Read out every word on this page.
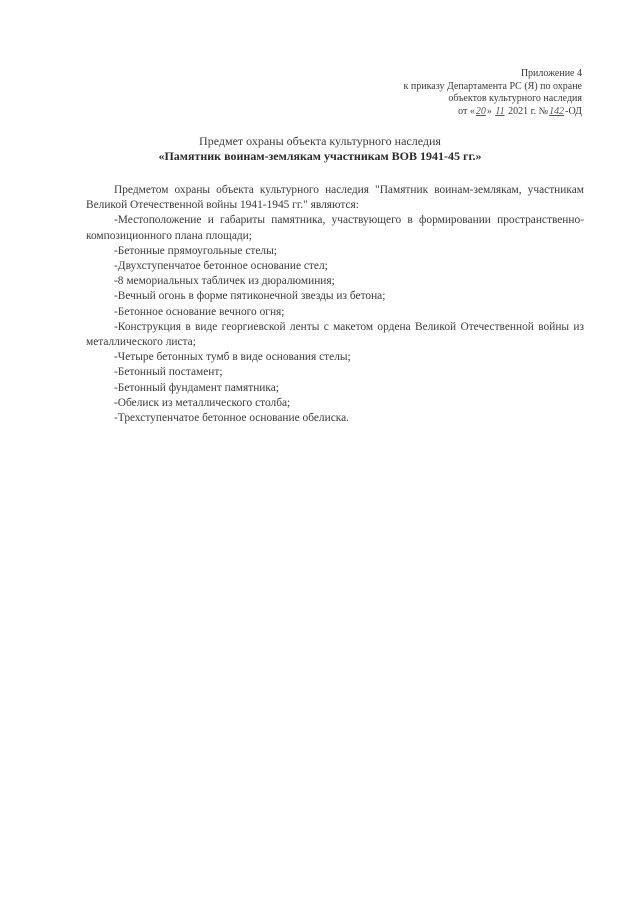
Приложение 4
к приказу Департамента РС (Я) по охране
объектов культурного наследия
от «20» 11 2021 г. №142-ОД
Предмет охраны объекта культурного наследия
«Памятник воинам-землякам участникам ВОВ 1941-45 гг.»

Предметом охраны объекта культурного наследия "Памятник воинам-землякам, участникам Великой Отечественной войны 1941-1945 гг." являются:

-Местоположение и габариты памятника, участвующего в формировании пространственно-композиционного плана площади;

-Бетонные прямоугольные стелы;

-Двухступенчатое бетонное основание стел;

-8 мемориальных табличек из дюралюминия;

-Вечный огонь в форме пятиконечной звезды из бетона;

-Бетонное основание вечного огня;

-Конструкция в виде георгиевской ленты с макетом ордена Великой Отечественной войны из металлического листа;

-Четыре бетонных тумб в виде основания стелы;

-Бетонный постамент;

-Бетонный фундамент памятника;

-Обелиск из металлического столба;

-Трехступенчатое бетонное основание обелиска.
